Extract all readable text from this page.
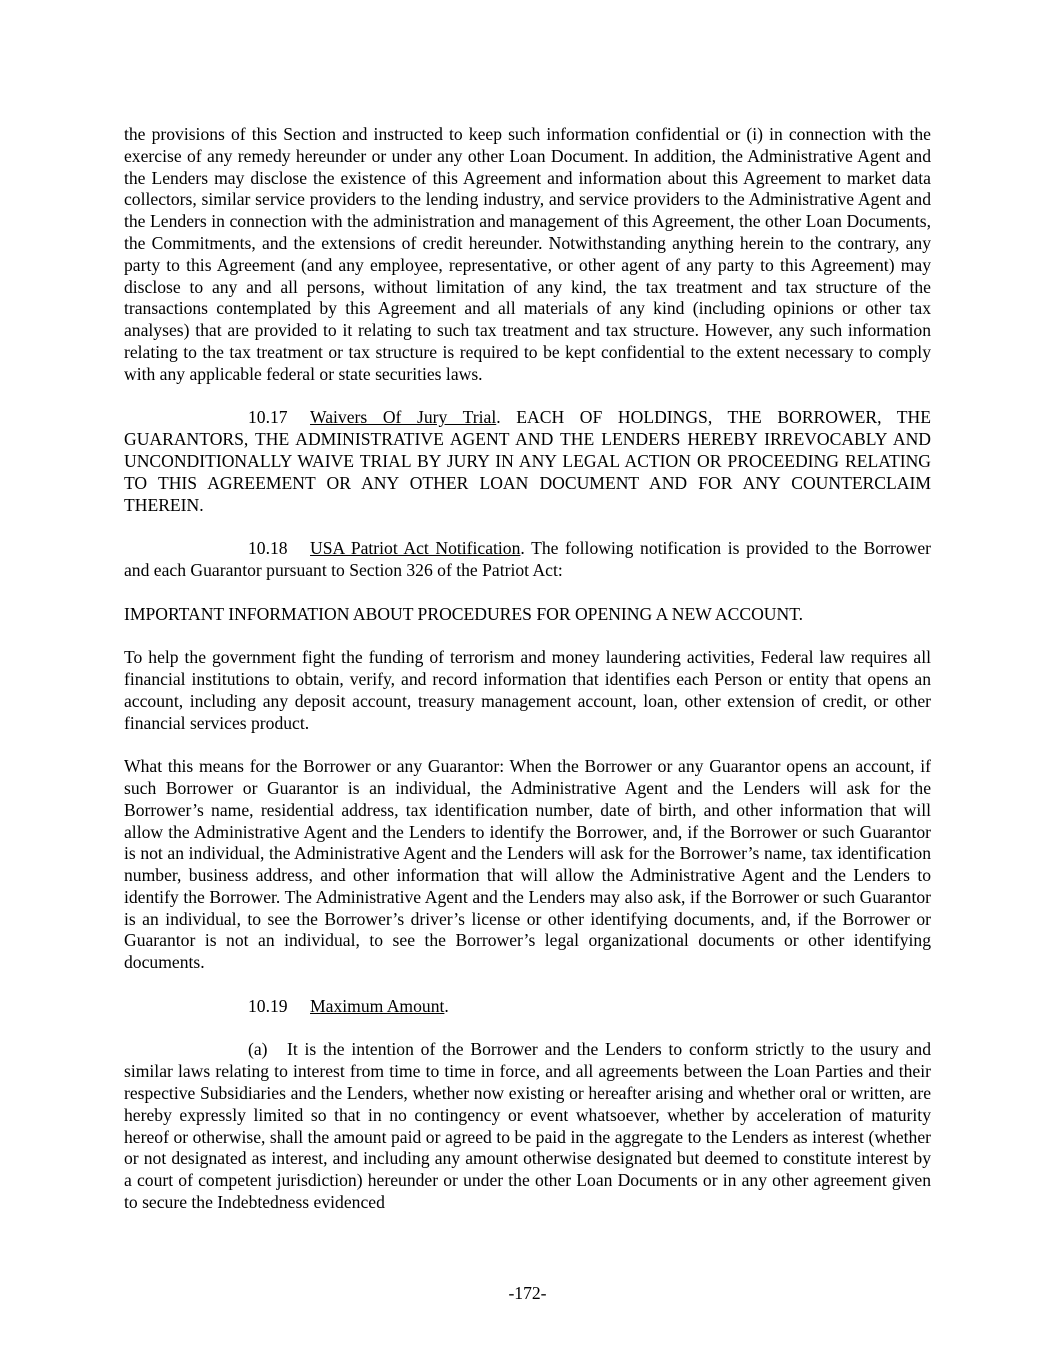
the provisions of this Section and instructed to keep such information confidential or (i) in connection with the exercise of any remedy hereunder or under any other Loan Document. In addition, the Administrative Agent and the Lenders may disclose the existence of this Agreement and information about this Agreement to market data collectors, similar service providers to the lending industry, and service providers to the Administrative Agent and the Lenders in connection with the administration and management of this Agreement, the other Loan Documents, the Commitments, and the extensions of credit hereunder. Notwithstanding anything herein to the contrary, any party to this Agreement (and any employee, representative, or other agent of any party to this Agreement) may disclose to any and all persons, without limitation of any kind, the tax treatment and tax structure of the transactions contemplated by this Agreement and all materials of any kind (including opinions or other tax analyses) that are provided to it relating to such tax treatment and tax structure. However, any such information relating to the tax treatment or tax structure is required to be kept confidential to the extent necessary to comply with any applicable federal or state securities laws.

10.17 Waivers Of Jury Trial. EACH OF HOLDINGS, THE BORROWER, THE GUARANTORS, THE ADMINISTRATIVE AGENT AND THE LENDERS HEREBY IRREVOCABLY AND UNCONDITIONALLY WAIVE TRIAL BY JURY IN ANY LEGAL ACTION OR PROCEEDING RELATING TO THIS AGREEMENT OR ANY OTHER LOAN DOCUMENT AND FOR ANY COUNTERCLAIM THEREIN.

10.18 USA Patriot Act Notification. The following notification is provided to the Borrower and each Guarantor pursuant to Section 326 of the Patriot Act:

IMPORTANT INFORMATION ABOUT PROCEDURES FOR OPENING A NEW ACCOUNT.

To help the government fight the funding of terrorism and money laundering activities, Federal law requires all financial institutions to obtain, verify, and record information that identifies each Person or entity that opens an account, including any deposit account, treasury management account, loan, other extension of credit, or other financial services product.

What this means for the Borrower or any Guarantor: When the Borrower or any Guarantor opens an account, if such Borrower or Guarantor is an individual, the Administrative Agent and the Lenders will ask for the Borrower’s name, residential address, tax identification number, date of birth, and other information that will allow the Administrative Agent and the Lenders to identify the Borrower, and, if the Borrower or such Guarantor is not an individual, the Administrative Agent and the Lenders will ask for the Borrower’s name, tax identification number, business address, and other information that will allow the Administrative Agent and the Lenders to identify the Borrower. The Administrative Agent and the Lenders may also ask, if the Borrower or such Guarantor is an individual, to see the Borrower’s driver’s license or other identifying documents, and, if the Borrower or Guarantor is not an individual, to see the Borrower’s legal organizational documents or other identifying documents.

10.19 Maximum Amount.

(a) It is the intention of the Borrower and the Lenders to conform strictly to the usury and similar laws relating to interest from time to time in force, and all agreements between the Loan Parties and their respective Subsidiaries and the Lenders, whether now existing or hereafter arising and whether oral or written, are hereby expressly limited so that in no contingency or event whatsoever, whether by acceleration of maturity hereof or otherwise, shall the amount paid or agreed to be paid in the aggregate to the Lenders as interest (whether or not designated as interest, and including any amount otherwise designated but deemed to constitute interest by a court of competent jurisdiction) hereunder or under the other Loan Documents or in any other agreement given to secure the Indebtedness evidenced

-172-
